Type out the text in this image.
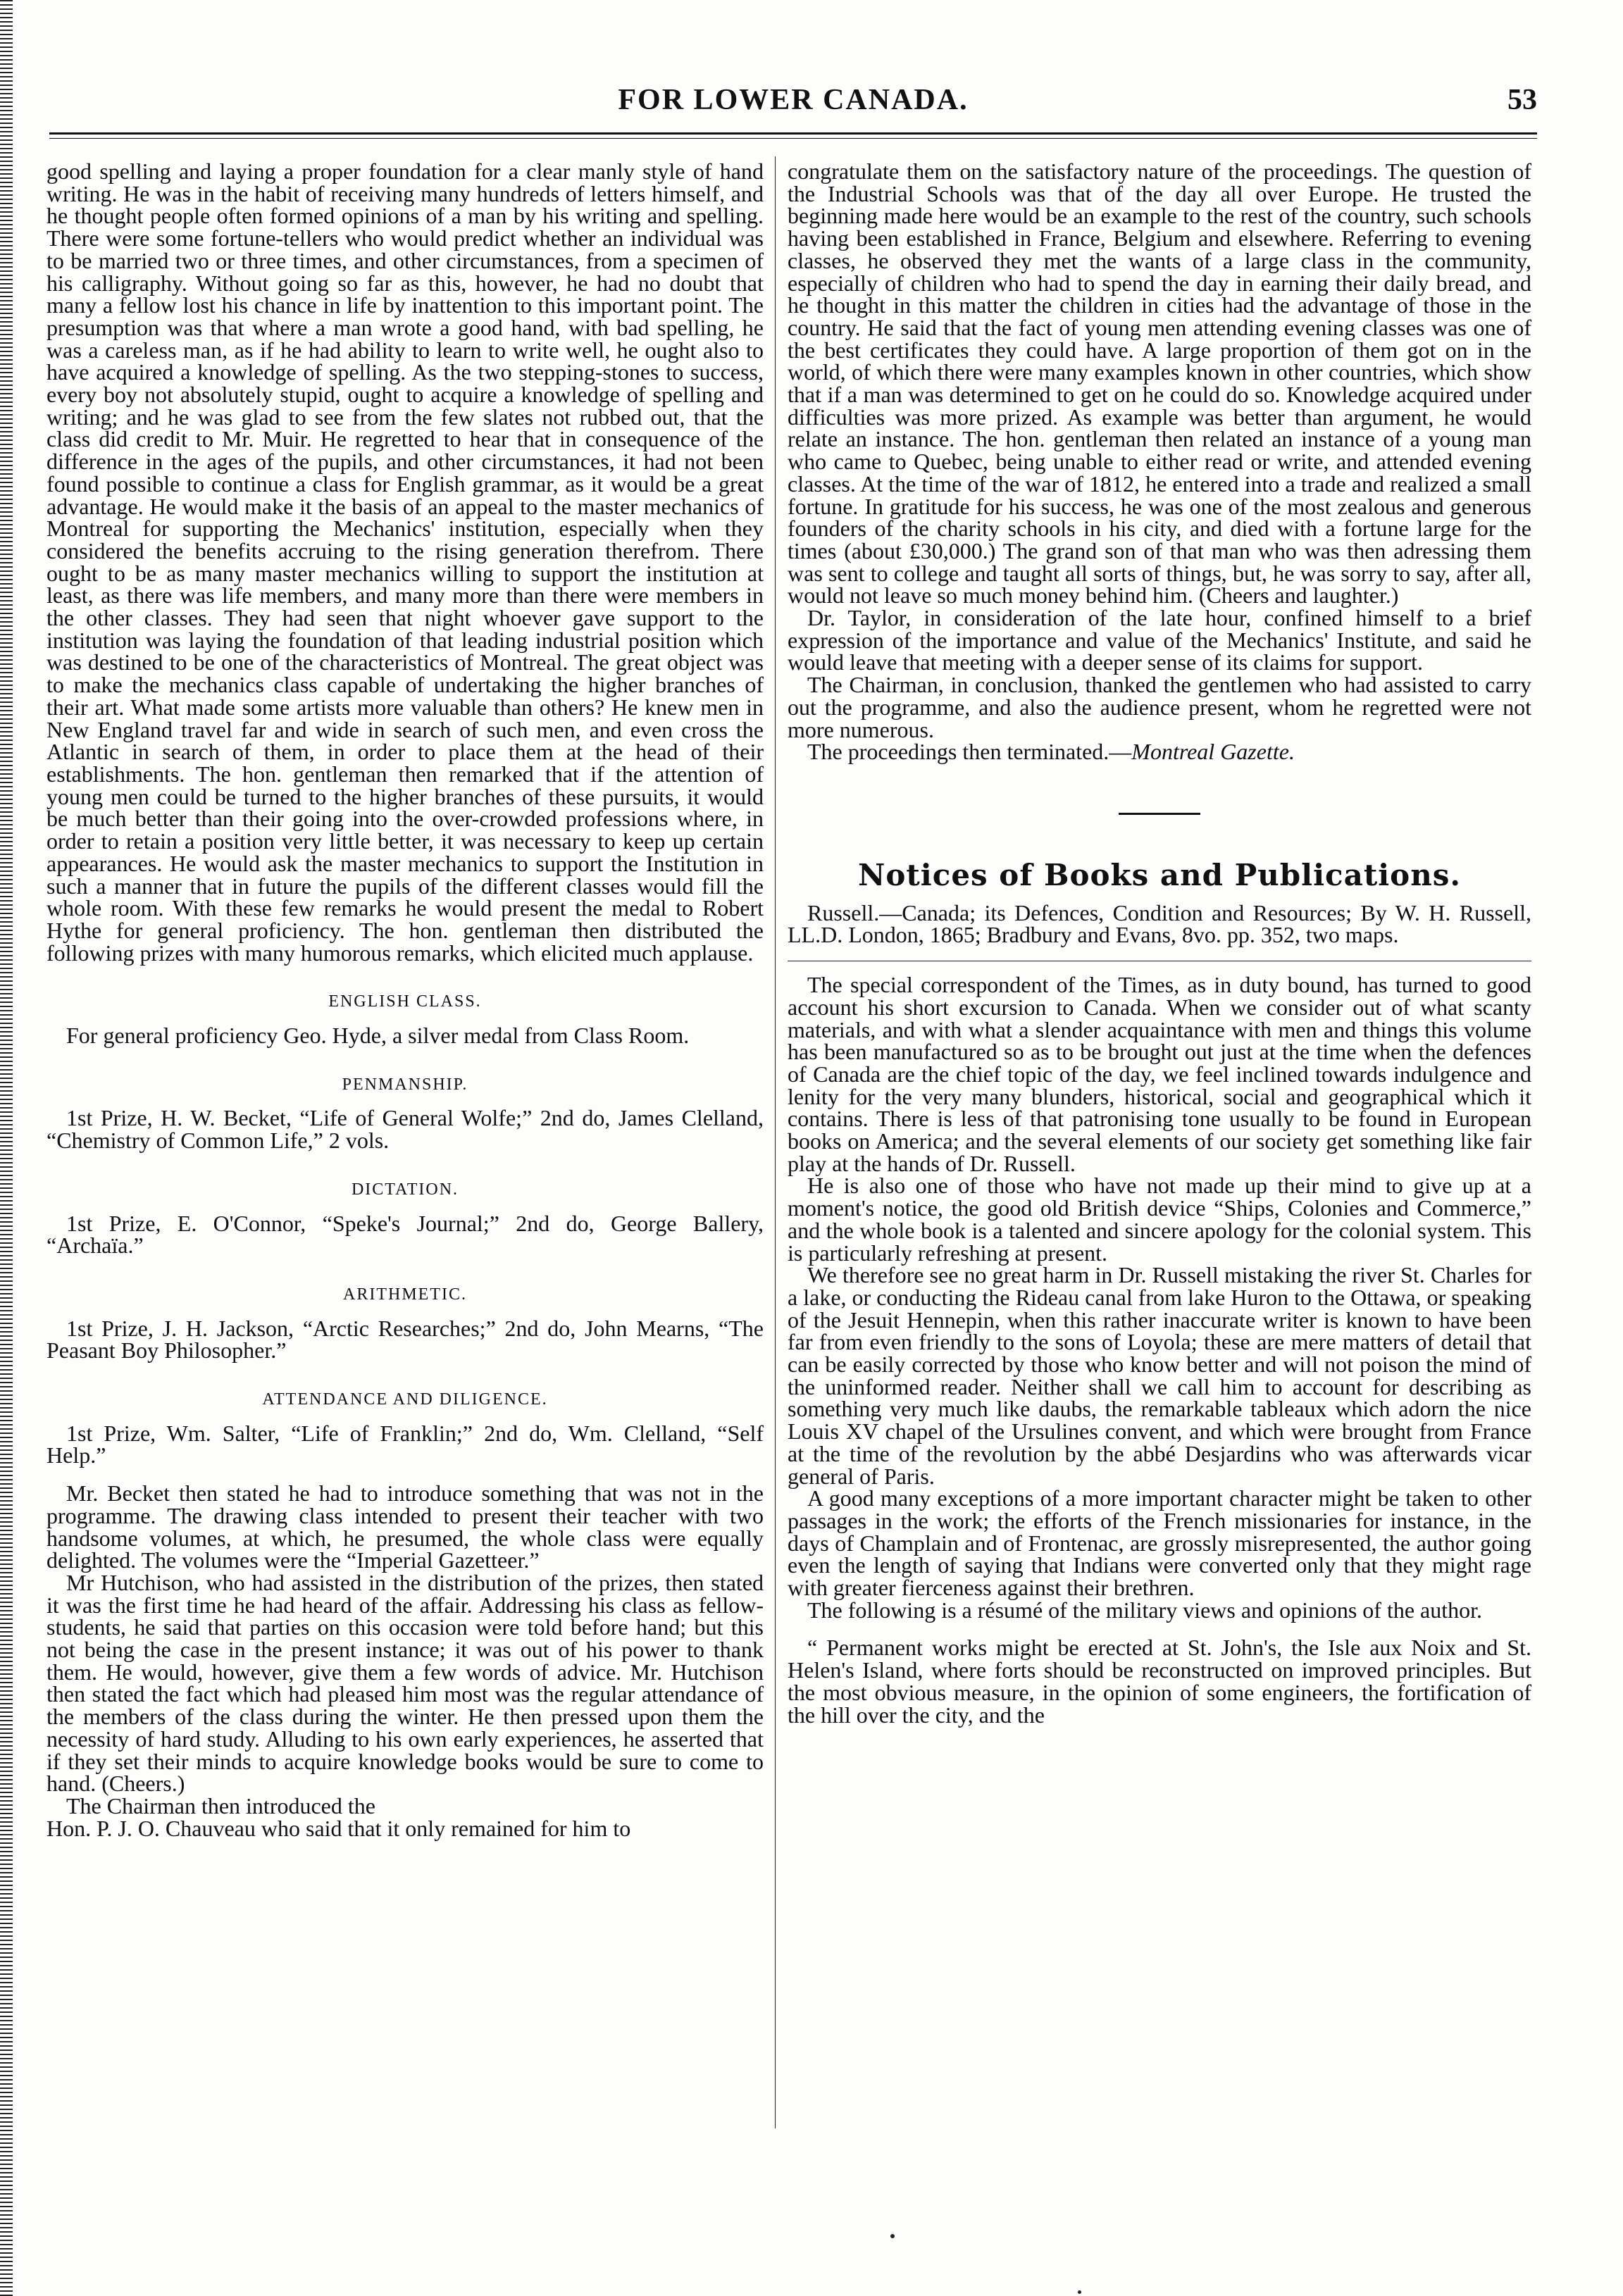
FOR LOWER CANADA.	53

good spelling and laying a proper foundation for a clear manly style of hand writing. He was in the habit of receiving many hundreds of letters himself, and he thought people often formed opinions of a man by his writing and spelling. There were some fortune-tellers who would predict whether an individual was to be married two or three times, and other circumstances, from a specimen of his calligraphy. Without going so far as this, however, he had no doubt that many a fellow lost his chance in life by inattention to this important point. The presumption was that where a man wrote a good hand, with bad spelling, he was a careless man, as if he had ability to learn to write well, he ought also to have acquired a knowledge of spelling. As the two stepping-stones to success, every boy not absolutely stupid, ought to acquire a knowledge of spelling and writing; and he was glad to see from the few slates not rubbed out, that the class did credit to Mr. Muir. He regretted to hear that in consequence of the difference in the ages of the pupils, and other circumstances, it had not been found possible to continue a class for English grammar, as it would be a great advantage. He would make it the basis of an appeal to the master mechanics of Montreal for supporting the Mechanics' institution, especially when they considered the benefits accruing to the rising generation therefrom. There ought to be as many master mechanics willing to support the institution at least, as there was life members, and many more than there were members in the other classes. They had seen that night whoever gave support to the institution was laying the foundation of that leading industrial position which was destined to be one of the characteristics of Montreal. The great object was to make the mechanics class capable of undertaking the higher branches of their art. What made some artists more valuable than others? He knew men in New England travel far and wide in search of such men, and even cross the Atlantic in search of them, in order to place them at the head of their establishments. The hon. gentleman then remarked that if the attention of young men could be turned to the higher branches of these pursuits, it would be much better than their going into the over-crowded professions where, in order to retain a position very little better, it was necessary to keep up certain appearances. He would ask the master mechanics to support the Institution in such a manner that in future the pupils of the different classes would fill the whole room. With these few remarks he would present the medal to Robert Hythe for general proficiency. The hon. gentleman then distributed the following prizes with many humorous remarks, which elicited much applause.

ENGLISH CLASS.

For general proficiency Geo. Hyde, a silver medal from Class Room.

PENMANSHIP.

1st Prize, H. W. Becket, “Life of General Wolfe;” 2nd do, James Clelland, “Chemistry of Common Life,” 2 vols.

DICTATION.

1st Prize, E. O'Connor, “Speke's Journal;” 2nd do, George Ballery, “Archaïa.”

ARITHMETIC.

1st Prize, J. H. Jackson, “Arctic Researches;” 2nd do, John Mearns, “The Peasant Boy Philosopher.”

ATTENDANCE AND DILIGENCE.

1st Prize, Wm. Salter, “Life of Franklin;” 2nd do, Wm. Clelland, “Self Help.”

Mr. Becket then stated he had to introduce something that was not in the programme. The drawing class intended to present their teacher with two handsome volumes, at which, he presumed, the whole class were equally delighted. The volumes were the “Imperial Gazetteer.”

Mr Hutchison, who had assisted in the distribution of the prizes, then stated it was the first time he had heard of the affair. Addressing his class as fellow-students, he said that parties on this occasion were told before hand; but this not being the case in the present instance; it was out of his power to thank them. He would, however, give them a few words of advice. Mr. Hutchison then stated the fact which had pleased him most was the regular attendance of the members of the class during the winter. He then pressed upon them the necessity of hard study. Alluding to his own early experiences, he asserted that if they set their minds to acquire knowledge books would be sure to come to hand. (Cheers.)

The Chairman then introduced the

Hon. P. J. O. Chauveau who said that it only remained for him to

congratulate them on the satisfactory nature of the proceedings. The question of the Industrial Schools was that of the day all over Europe. He trusted the beginning made here would be an example to the rest of the country, such schools having been established in France, Belgium and elsewhere. Referring to evening classes, he observed they met the wants of a large class in the community, especially of children who had to spend the day in earning their daily bread, and he thought in this matter the children in cities had the advantage of those in the country. He said that the fact of young men attending evening classes was one of the best certificates they could have. A large proportion of them got on in the world, of which there were many examples known in other countries, which show that if a man was determined to get on he could do so. Knowledge acquired under difficulties was more prized. As example was better than argument, he would relate an instance. The hon. gentleman then related an instance of a young man who came to Quebec, being unable to either read or write, and attended evening classes. At the time of the war of 1812, he entered into a trade and realized a small fortune. In gratitude for his success, he was one of the most zealous and generous founders of the charity schools in his city, and died with a fortune large for the times (about £30,000.) The grand son of that man who was then adressing them was sent to college and taught all sorts of things, but, he was sorry to say, after all, would not leave so much money behind him. (Cheers and laughter.)

Dr. Taylor, in consideration of the late hour, confined himself to a brief expression of the importance and value of the Mechanics' Institute, and said he would leave that meeting with a deeper sense of its claims for support.

The Chairman, in conclusion, thanked the gentlemen who had assisted to carry out the programme, and also the audience present, whom he regretted were not more numerous.

The proceedings then terminated.—Montreal Gazette.

Notices of Books and Publications.

Russell.—Canada; its Defences, Condition and Resources; By W. H. Russell, LL.D. London, 1865; Bradbury and Evans, 8vo. pp. 352, two maps.

The special correspondent of the Times, as in duty bound, has turned to good account his short excursion to Canada. When we consider out of what scanty materials, and with what a slender acquaintance with men and things this volume has been manufactured so as to be brought out just at the time when the defences of Canada are the chief topic of the day, we feel inclined towards indulgence and lenity for the very many blunders, historical, social and geographical which it contains. There is less of that patronising tone usually to be found in European books on America; and the several elements of our society get something like fair play at the hands of Dr. Russell.

He is also one of those who have not made up their mind to give up at a moment's notice, the good old British device “Ships, Colonies and Commerce,” and the whole book is a talented and sincere apology for the colonial system. This is particularly refreshing at present.

We therefore see no great harm in Dr. Russell mistaking the river St. Charles for a lake, or conducting the Rideau canal from lake Huron to the Ottawa, or speaking of the Jesuit Hennepin, when this rather inaccurate writer is known to have been far from even friendly to the sons of Loyola; these are mere matters of detail that can be easily corrected by those who know better and will not poison the mind of the uninformed reader. Neither shall we call him to account for describing as something very much like daubs, the remarkable tableaux which adorn the nice Louis XV chapel of the Ursulines convent, and which were brought from France at the time of the revolution by the abbé Desjardins who was afterwards vicar general of Paris.

A good many exceptions of a more important character might be taken to other passages in the work; the efforts of the French missionaries for instance, in the days of Champlain and of Frontenac, are grossly misrepresented, the author going even the length of saying that Indians were converted only that they might rage with greater fierceness against their brethren.

The following is a résumé of the military views and opinions of the author.

“ Permanent works might be erected at St. John's, the Isle aux Noix and St. Helen's Island, where forts should be reconstructed on improved principles. But the most obvious measure, in the opinion of some engineers, the fortification of the hill over the city, and the
